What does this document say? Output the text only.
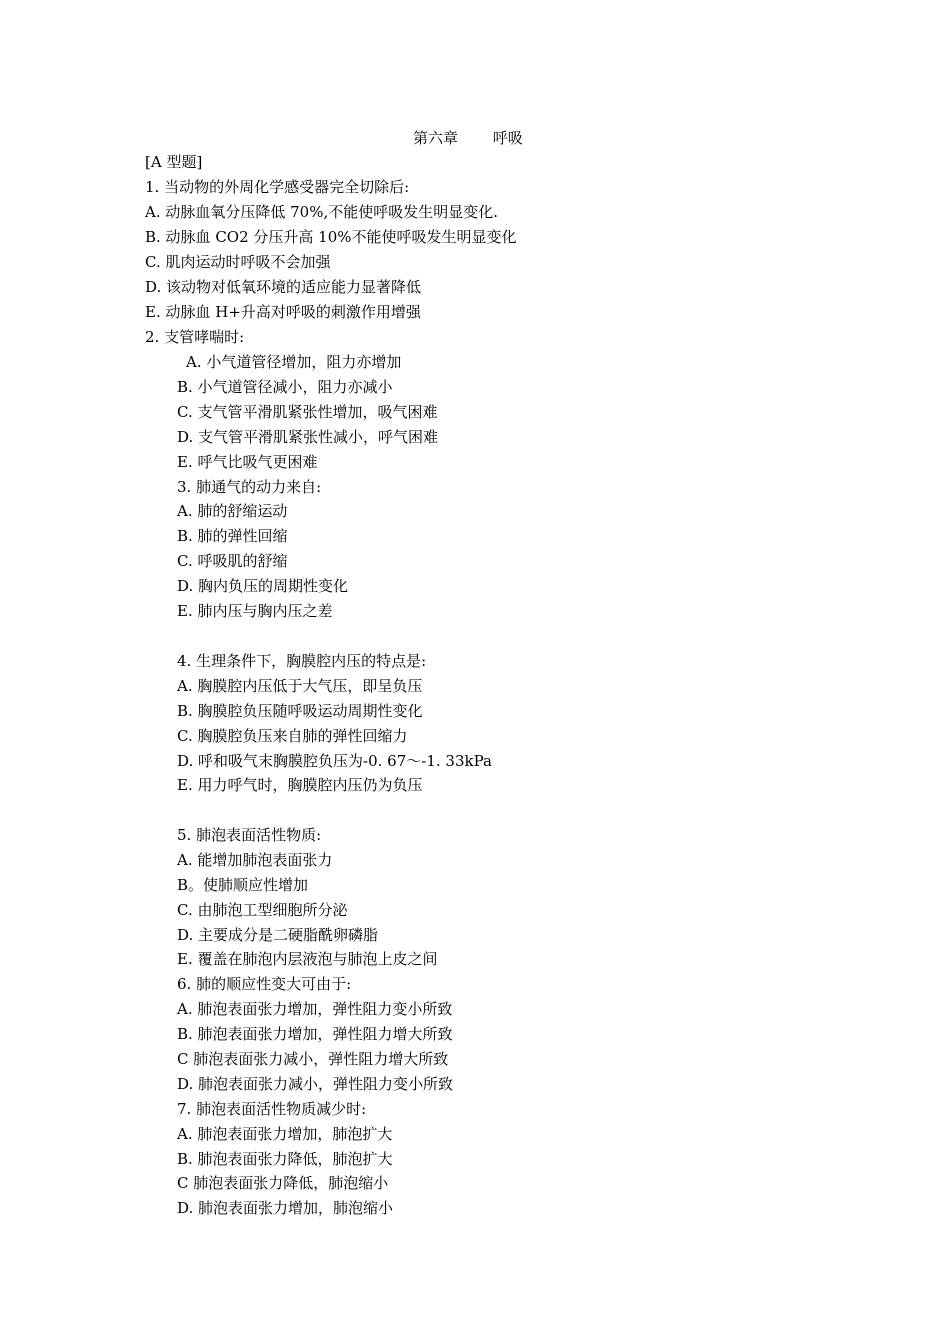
第六章　　 呼吸
[A 型题]
1. 当动物的外周化学感受器完全切除后:
A. 动脉血氧分压降低 70%,不能使呼吸发生明显变化.
B. 动脉血 CO2 分压升高 10%不能使呼吸发生明显变化
C. 肌肉运动时呼吸不会加强
D. 该动物对低氧环境的适应能力显著降低
E. 动脉血 H+升高对呼吸的刺激作用增强
2. 支管哮喘时:
A. 小气道管径增加，阻力亦增加
B. 小气道管径减小，阻力亦减小
C. 支气管平滑肌紧张性增加，吸气困难
D. 支气管平滑肌紧张性减小，呼气困难
E. 呼气比吸气更困难
3. 肺通气的动力来自:
A. 肺的舒缩运动
B. 肺的弹性回缩
C. 呼吸肌的舒缩
D. 胸内负压的周期性变化
E. 肺内压与胸内压之差
4. 生理条件下，胸膜腔内压的特点是:
A. 胸膜腔内压低于大气压，即呈负压
B. 胸膜腔负压随呼吸运动周期性变化
C. 胸膜腔负压来自肺的弹性回缩力
D. 呼和吸气末胸膜腔负压为-0. 67～-1. 33kPa
E. 用力呼气时，胸膜腔内压仍为负压
5. 肺泡表面活性物质:
A. 能增加肺泡表面张力
B。使肺顺应性增加
C. 由肺泡工型细胞所分泌
D. 主要成分是二硬脂酰卵磷脂
E. 覆盖在肺泡内层液泡与肺泡上皮之间
6. 肺的顺应性变大可由于:
A. 肺泡表面张力增加，弹性阻力变小所致
B. 肺泡表面张力增加，弹性阻力增大所致
C 肺泡表面张力减小，弹性阻力增大所致
D. 肺泡表面张力减小，弹性阻力变小所致
7. 肺泡表面活性物质减少时:
A. 肺泡表面张力增加，肺泡扩大
B. 肺泡表面张力降低，肺泡扩大
C 肺泡表面张力降低，肺泡缩小
D. 肺泡表面张力增加，肺泡缩小
